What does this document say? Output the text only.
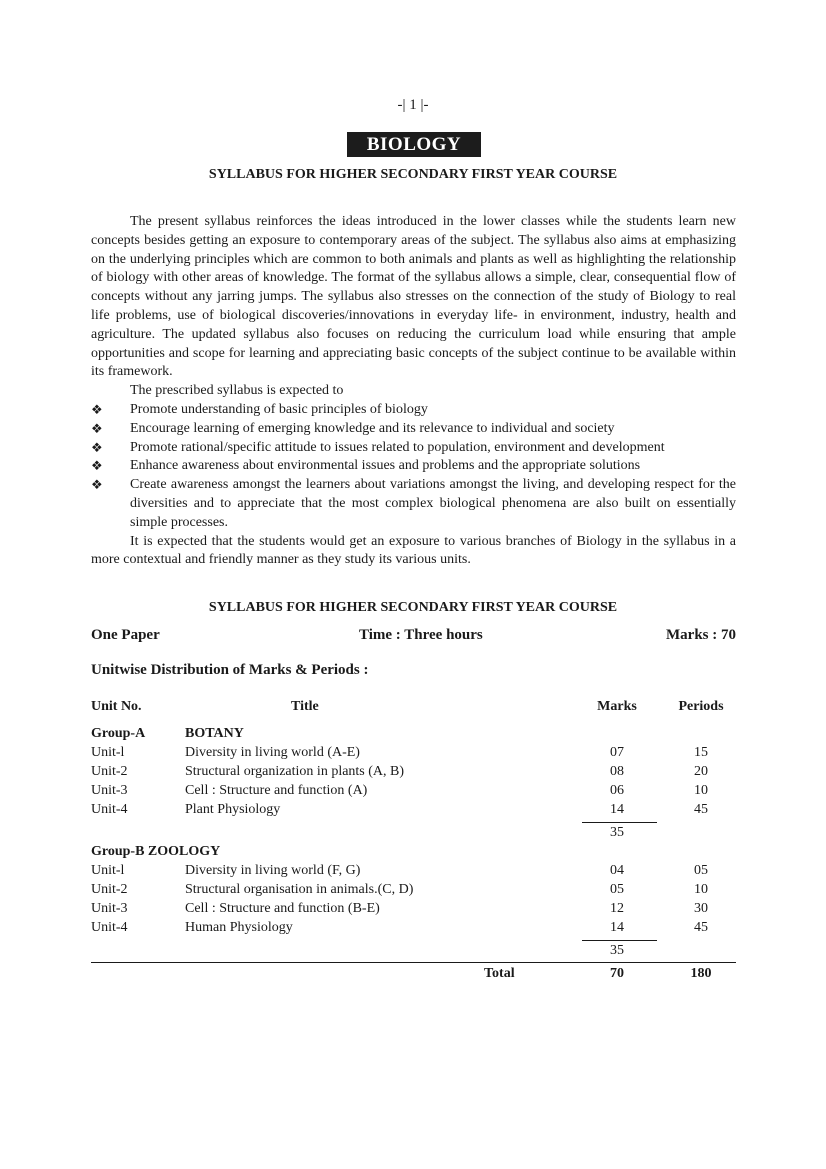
-| 1 |-
BIOLOGY
SYLLABUS FOR HIGHER SECONDARY FIRST YEAR COURSE

The present syllabus reinforces the ideas introduced in the lower classes while the students learn new concepts besides getting an exposure to contemporary areas of the subject. The syllabus also aims at emphasizing on the underlying principles which are common to both animals and plants as well as highlighting the relationship of biology with other areas of knowledge. The format of the syllabus allows a simple, clear, consequential flow of concepts without any jarring jumps. The syllabus also stresses on the connection of the study of Biology to real life problems, use of biological discoveries/innovations in everyday life- in environment, industry, health and agriculture. The updated syllabus also focuses on reducing the curriculum load while ensuring that ample opportunities and scope for learning and appreciating basic concepts of the subject continue to be available within its framework.

The prescribed syllabus is expected to

❖ Promote understanding of basic principles of biology
❖ Encourage learning of emerging knowledge and its relevance to individual and society
❖ Promote rational/specific attitude to issues related to population, environment and development
❖ Enhance awareness about environmental issues and problems and the appropriate solutions
❖ Create awareness amongst the learners about variations amongst the living, and developing respect for the diversities and to appreciate that the most complex biological phenomena are also built on essentially simple processes.

It is expected that the students would get an exposure to various branches of Biology in the syllabus in a more contextual and friendly manner as they study its various units.

SYLLABUS FOR HIGHER SECONDARY FIRST YEAR COURSE
One Paper	Time : Three hours	Marks : 70
Unitwise Distribution of Marks & Periods :
Unit No.	Title	Marks	Periods
Group-A	BOTANY
Unit-l	Diversity in living world (A-E)	07	15
Unit-2	Structural organization in plants (A, B)	08	20
Unit-3	Cell : Structure and function (A)	06	10
Unit-4	Plant Physiology	14	45
35
Group-B ZOOLOGY
Unit-l	Diversity in living world (F, G)	04	05
Unit-2	Structural organisation in animals.(C, D)	05	10
Unit-3	Cell : Structure and function (B-E)	12	30
Unit-4	Human Physiology	14	45
35
Total	70	180
